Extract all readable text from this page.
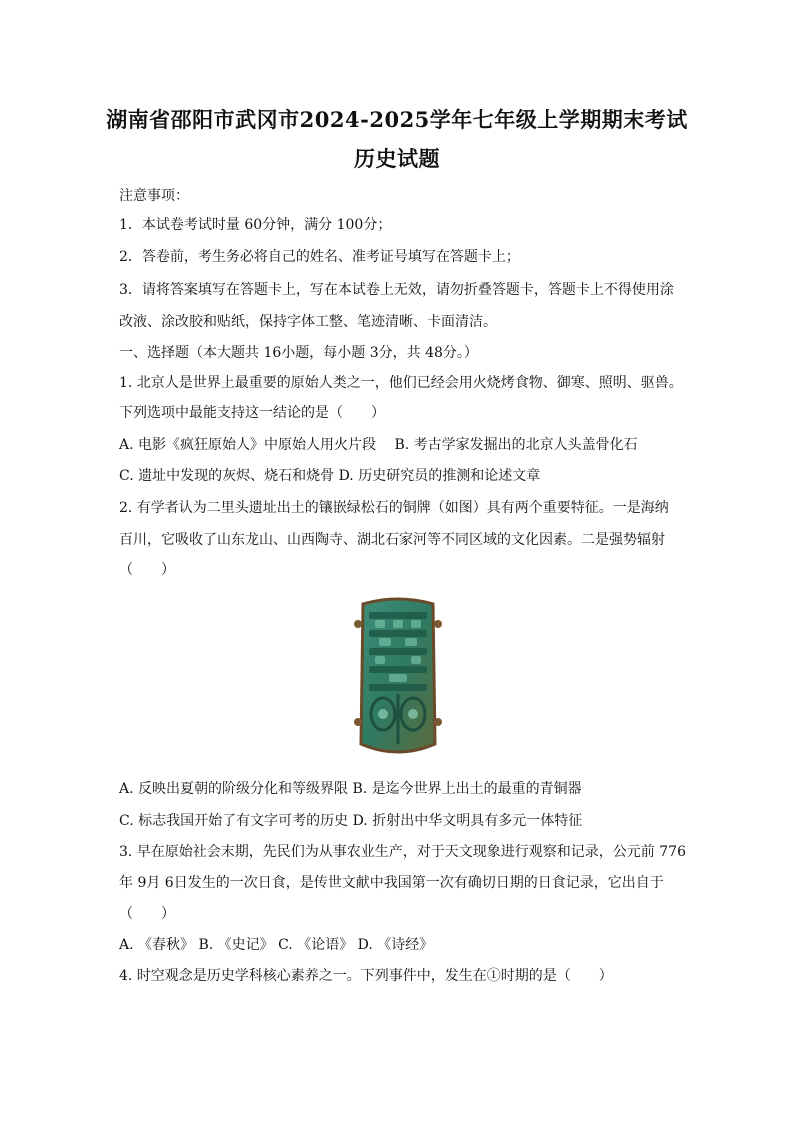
湖南省邵阳市武冈市2024-2025学年七年级上学期期末考试
历史试题
注意事项：
1．本试卷考试时量 60分钟，满分 100分；
2．答卷前，考生务必将自己的姓名、准考证号填写在答题卡上；
3．请将答案填写在答题卡上，写在本试卷上无效，请勿折叠答题卡，答题卡上不得使用涂
改液、涂改胶和贴纸，保持字体工整、笔迹清晰、卡面清洁。
一、选择题（本大题共 16小题，每小题 3分，共 48分。）
1. 北京人是世界上最重要的原始人类之一，他们已经会用火烧烤食物、御寒、照明、驱兽。
下列选项中最能支持这一结论的是（　　）
A. 电影《疯狂原始人》中原始人用火片段　 B. 考古学家发掘出的北京人头盖骨化石
C. 遗址中发现的灰烬、烧石和烧骨 D. 历史研究员的推测和论述文章
2. 有学者认为二里头遗址出土的镶嵌绿松石的铜牌（如图）具有两个重要特征。一是海纳
百川，它吸收了山东龙山、山西陶寺、湖北石家河等不同区域的文化因素。二是强势辐射
（　　）
A. 反映出夏朝的阶级分化和等级界限 B. 是迄今世界上出土的最重的青铜器
C. 标志我国开始了有文字可考的历史 D. 折射出中华文明具有多元一体特征
3. 早在原始社会末期，先民们为从事农业生产，对于天文现象进行观察和记录，公元前 776
年 9月 6日发生的一次日食，是传世文献中我国第一次有确切日期的日食记录，它出自于
（　　）
A. 《春秋》 B. 《史记》 C. 《论语》 D. 《诗经》
4. 时空观念是历史学科核心素养之一。下列事件中，发生在①时期的是（　　）
